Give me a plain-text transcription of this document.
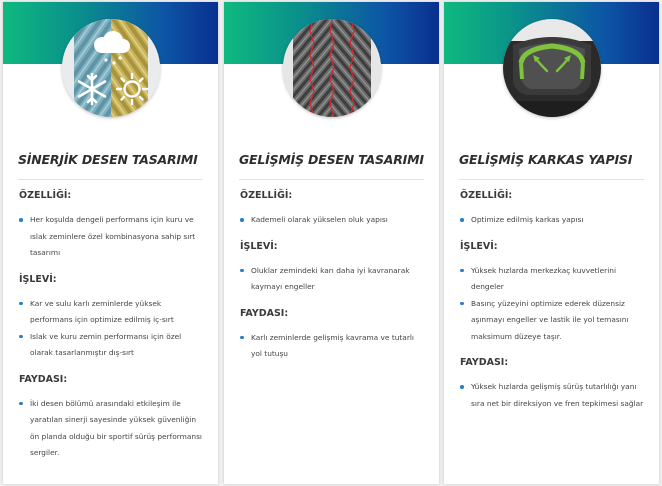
SİNERJİK DESEN TASARIMI
ÖZELLİĞİ:
Her koşulda dengeli performans için kuru ve ıslak zeminlere özel kombinasyona sahip sırt tasarımı
İŞLEVİ:
Kar ve sulu karlı zeminlerde yüksek performans için optimize edilmiş iç-sırt
Islak ve kuru zemin performansı için özel olarak tasarlanmıştır dış-sırt
FAYDASI:
İki desen bölümü arasındaki etkileşim ile yaratılan sinerji sayesinde yüksek güvenliğin ön planda olduğu bir sportif sürüş performansı sergiler.
GELİŞMİŞ DESEN TASARIMI
ÖZELLİĞİ:
Kademeli olarak yükselen oluk yapısı
İŞLEVİ:
Oluklar zemindeki karı daha iyi kavranarak kaymayı engeller
FAYDASI:
Karlı zeminlerde gelişmiş kavrama ve tutarlı yol tutuşu
GELİŞMİŞ KARKAS YAPISI
ÖZELLİĞİ:
Optimize edilmiş karkas yapısı
İŞLEVİ:
Yüksek hızlarda merkezkaç kuvvetlerini dengeler
Basınç yüzeyini optimize ederek düzensiz aşınmayı engeller ve lastik ile yol temasını maksimum düzeye taşır.
FAYDASI:
Yüksek hızlarda gelişmiş sürüş tutarlılığı yanı sıra net bir direksiyon ve fren tepkimesi sağlar
